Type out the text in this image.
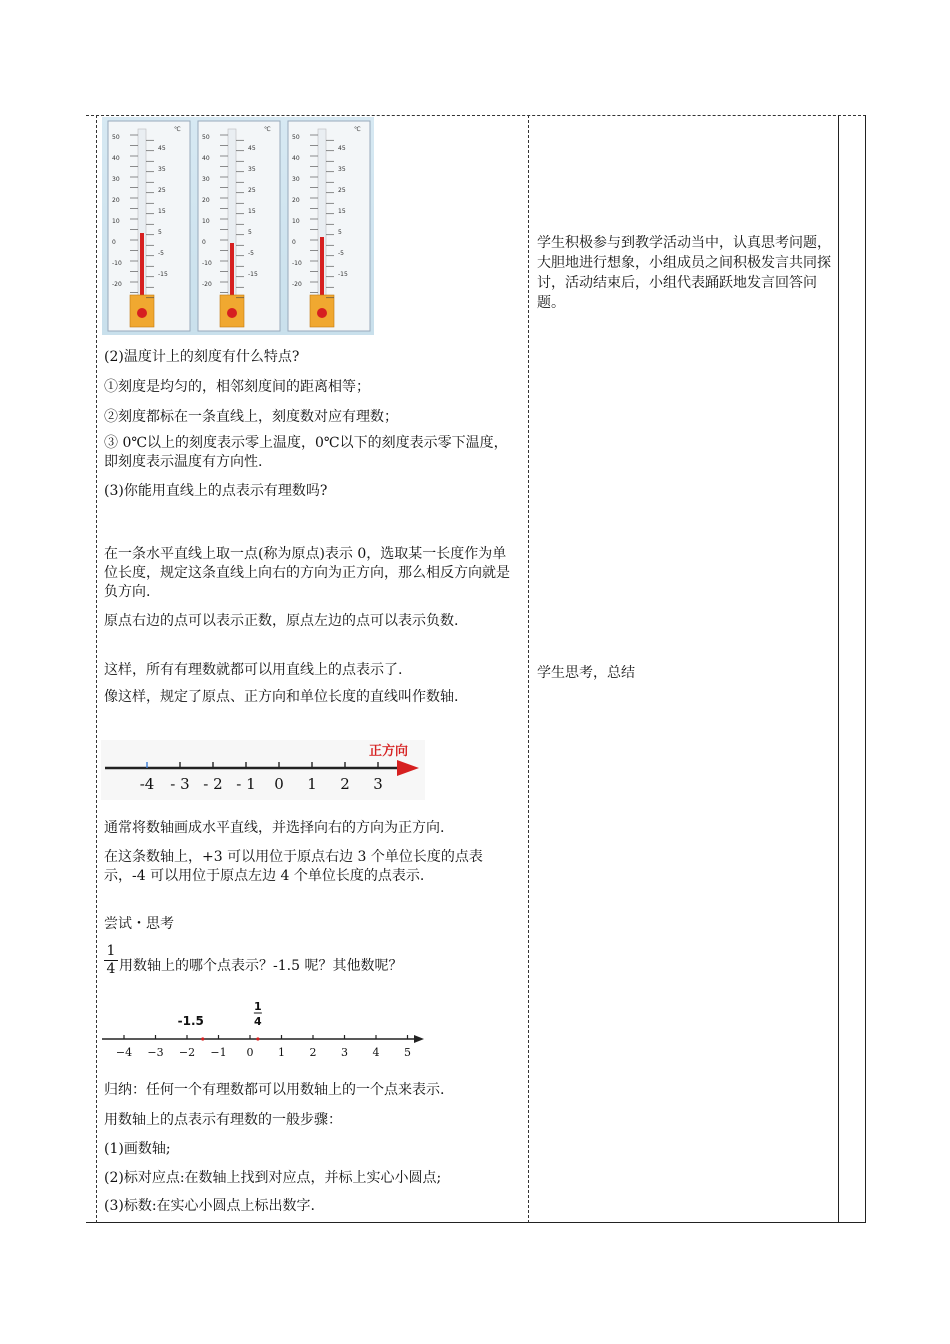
50
40
30
20
10
0
-10
-20
45
35
25
15
5
-5
-15
℃
50
40
30
20
10
0
-10
-20
45
35
25
15
5
-5
-15
℃
50
40
30
20
10
0
-10
-20
45
35
25
15
5
-5
-15
℃

(2)温度计上的刻度有什么特点?

①刻度是均匀的，相邻刻度间的距离相等；

②刻度都标在一条直线上，刻度数对应有理数；

③ 0℃以上的刻度表示零上温度，0℃以下的刻度表示零下温度，即刻度表示温度有方向性.

(3)你能用直线上的点表示有理数吗?

在一条水平直线上取一点(称为原点)表示 0，选取某一长度作为单位长度，规定这条直线上向右的方向为正方向，那么相反方向就是负方向.

原点右边的点可以表示正数，原点左边的点可以表示负数.

这样，所有有理数就都可以用直线上的点表示了.

像这样，规定了原点、正方向和单位长度的直线叫作数轴.

正方向
-4 - 3 - 2 - 1 0 1 2 3

通常将数轴画成水平直线，并选择向右的方向为正方向.

在这条数轴上，+3 可以用位于原点右边 3 个单位长度的点表示，-4 可以用位于原点左边 4 个单位长度的点表示.

尝试・思考

1
4 用数轴上的哪个点表示？-1.5 呢？其他数呢？

−4 −3 −2 −1 0 1 2 3 4 5
-1.5
1
4

归纳：任何一个有理数都可以用数轴上的一个点来表示.

用数轴上的点表示有理数的一般步骤：

(1)画数轴;

(2)标对应点:在数轴上找到对应点，并标上实心小圆点;

(3)标数:在实心小圆点上标出数字.

学生积极参与到教学活动当中，认真思考问题，大胆地进行想象，小组成员之间积极发言共同探讨，活动结束后，小组代表踊跃地发言回答问题。
学生思考，总结
